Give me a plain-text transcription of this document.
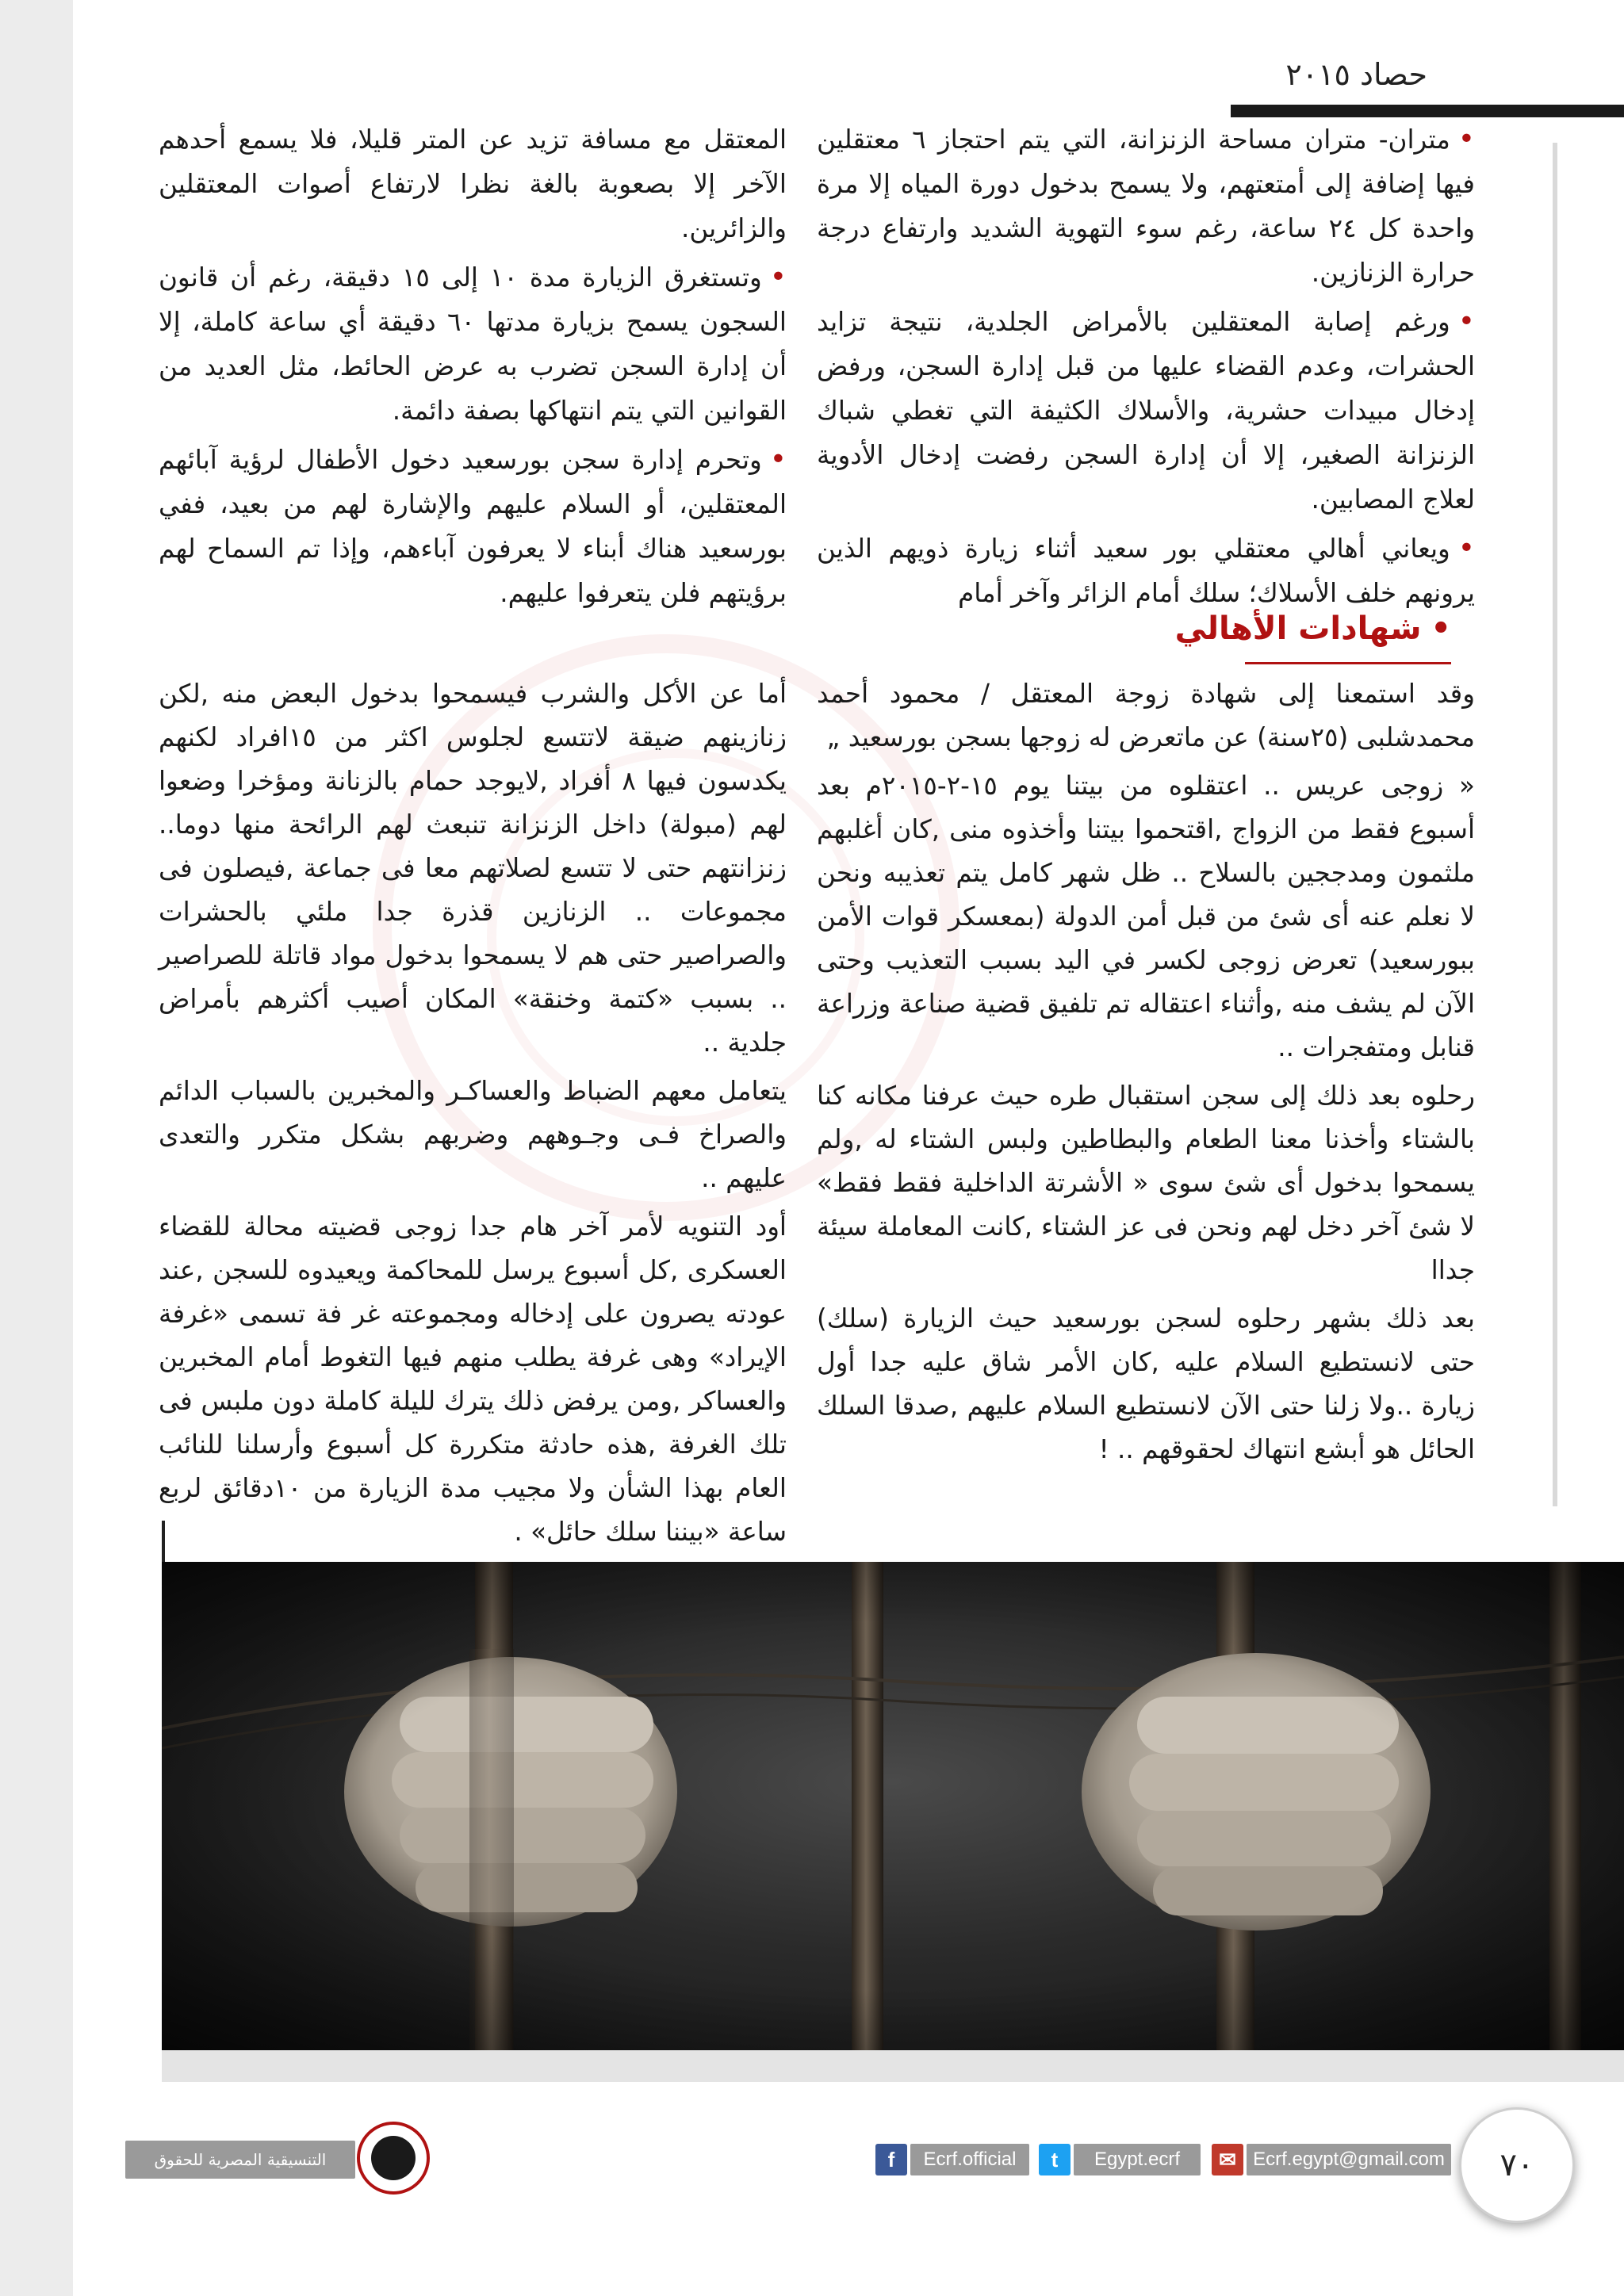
حصاد ٢٠١٥

• متران- متران مساحة الزنزانة، التي يتم احتجاز ٦ معتقلين فيها إضافة إلى أمتعتهم، ولا يسمح بدخول دورة المياه إلا مرة واحدة كل ٢٤ ساعة، رغم سوء التهوية الشديد وارتفاع درجة حرارة الزنازين.

• ورغم إصابة المعتقلين بالأمراض الجلدية، نتيجة تزايد الحشرات، وعدم القضاء عليها من قبل إدارة السجن، ورفض إدخال مبيدات حشرية، والأسلاك الكثيفة التي تغطي شباك الزنزانة الصغير، إلا أن إدارة السجن رفضت إدخال الأدوية لعلاج المصابين.

• ويعاني أهالي معتقلي بور سعيد أثناء زيارة ذويهم الذين يرونهم خلف الأسلاك؛ سلك أمام الزائر وآخر أمام

المعتقل مع مسافة تزيد عن المتر قليلا، فلا يسمع أحدهم الآخر إلا بصعوبة بالغة نظرا لارتفاع أصوات المعتقلين والزائرين.

• وتستغرق الزيارة مدة ١٠ إلى ١٥ دقيقة، رغم أن قانون السجون يسمح بزيارة مدتها ٦٠ دقيقة أي ساعة كاملة، إلا أن إدارة السجن تضرب به عرض الحائط، مثل العديد من القوانين التي يتم انتهاكها بصفة دائمة.

• وتحرم إدارة سجن بورسعيد دخول الأطفال لرؤية آبائهم المعتقلين، أو السلام عليهم والإشارة لهم من بعيد، ففي بورسعيد هناك أبناء لا يعرفون آباءهم، وإذا تم السماح لهم برؤيتهم فلن يتعرفوا عليهم.

•شهادات الأهالي

وقد استمعنا إلى شهادة زوجة المعتقل / محمود أحمد محمدشلبى (٢٥سنة) عن ماتعرض له زوجها بسجن بورسعيد „

« زوجى عريس .. اعتقلوه من بيتنا يوم ١٥-٢-٢٠١٥م بعد أسبوع فقط من الزواج ,اقتحموا بيتنا وأخذوه منى ,كان أغلبهم ملثمون ومدججين بالسلاح .. ظل شهر كامل يتم تعذيبه ونحن لا نعلم عنه أى شئ من قبل أمن الدولة (بمعسكر قوات الأمن ببورسعيد) تعرض زوجى لكسر في اليد بسبب التعذيب وحتى الآن لم يشف منه ,وأثناء اعتقاله تم تلفيق قضية صناعة وزراعة قنابل ومتفجرات ..

رحلوه بعد ذلك إلى سجن استقبال طره حيث عرفنا مكانه كنا بالشتاء وأخذنا معنا الطعام والبطاطين ولبس الشتاء له ,ولم يسمحوا بدخول أى شئ سوى « الأشرتة الداخلية فقط فقط» لا شئ آخر دخل لهم ونحن فى عز الشتاء ,كانت المعاملة سيئة جداا

بعد ذلك بشهر رحلوه لسجن بورسعيد حيث الزيارة (سلك) حتى لانستطيع السلام عليه ,كان الأمر شاق عليه جدا أول زيارة ..ولا زلنا حتى الآن لانستطيع السلام عليهم ,صدقا السلك الحائل هو أبشع انتهاك لحقوقهم .. !

أما عن الأكل والشرب فيسمحوا بدخول البعض منه ,لكن زنازينهم ضيقة لاتتسع لجلوس اكثر من ١٥افراد لكنهم يكدسون فيها ٨ أفراد ,لايوجد حمام بالزنانة ومؤخرا وضعوا لهم (مبولة) داخل الزنزانة تنبعث لهم الرائحة منها دوما.. زنزانتهم حتى لا تتسع لصلاتهم معا فى جماعة ,فيصلون فى مجموعات .. الزنازين قذرة جدا ملئي بالحشرات والصراصير حتى هم لا يسمحوا بدخول مواد قاتلة للصراصير .. بسبب «كتمة وخنقة» المكان أصيب أكثرهم بأمراض جلدية ..

يتعامل معهم الضباط والعساكـر والمخبرين بالسباب الدائم والصراخ فـى وجـوههم وضربهم بشكل متكرر والتعدى عليهم ..

أود التنويه لأمر آخر هام جدا زوجى قضيته محالة للقضاء العسكرى ,كل أسبوع يرسل للمحاكمة ويعيدوه للسجن ,عند عودته يصرون على إدخاله ومجموعته غر فة تسمى «غرفة الإيراد» وهى غرفة يطلب منهم فيها التغوط أمام المخبرين والعساكر ,ومن يرفض ذلك يترك لليلة كاملة دون ملبس فى تلك الغرفة ,هذه حادثة متكررة كل أسبوع وأرسلنا للنائب العام بهذا الشأن ولا مجيب مدة الزيارة من ١٠دقائق لربع ساعة «بيننا سلك حائل» .

٧٠
✉ Ecrf.egypt@gmail.com
t	Egypt.ecrf
f	Ecrf.official
التنسيقية المصرية للحقوق والحريات
